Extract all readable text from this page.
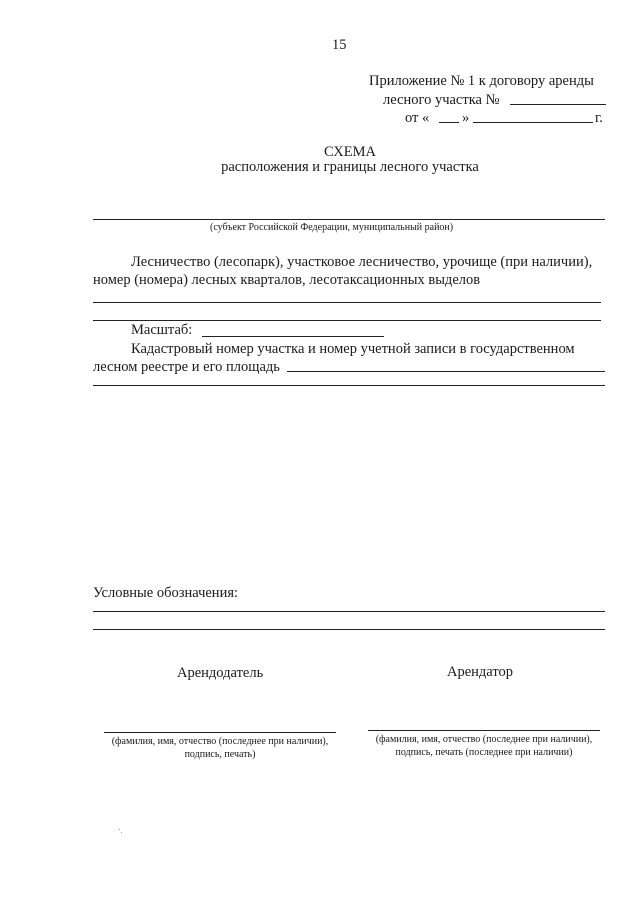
15
Приложение № 1 к договору аренды
лесного участка №
от « »	г.
СХЕМА
расположения и границы лесного участка
(субъект Российской Федерации, муниципальный район)
Лесничество (лесопарк), участковое лесничество, урочище (при наличии),
номер (номера) лесных кварталов, лесотаксационных выделов
Масштаб:
Кадастровый номер участка и номер учетной записи в государственном
лесном реестре и его площадь
Условные обозначения:
Арендодатель	Арендатор
(фамилия, имя, отчество (последнее при наличии),
подпись, печать)
(фамилия, имя, отчество (последнее при наличии),
подпись, печать (последнее при наличии)
